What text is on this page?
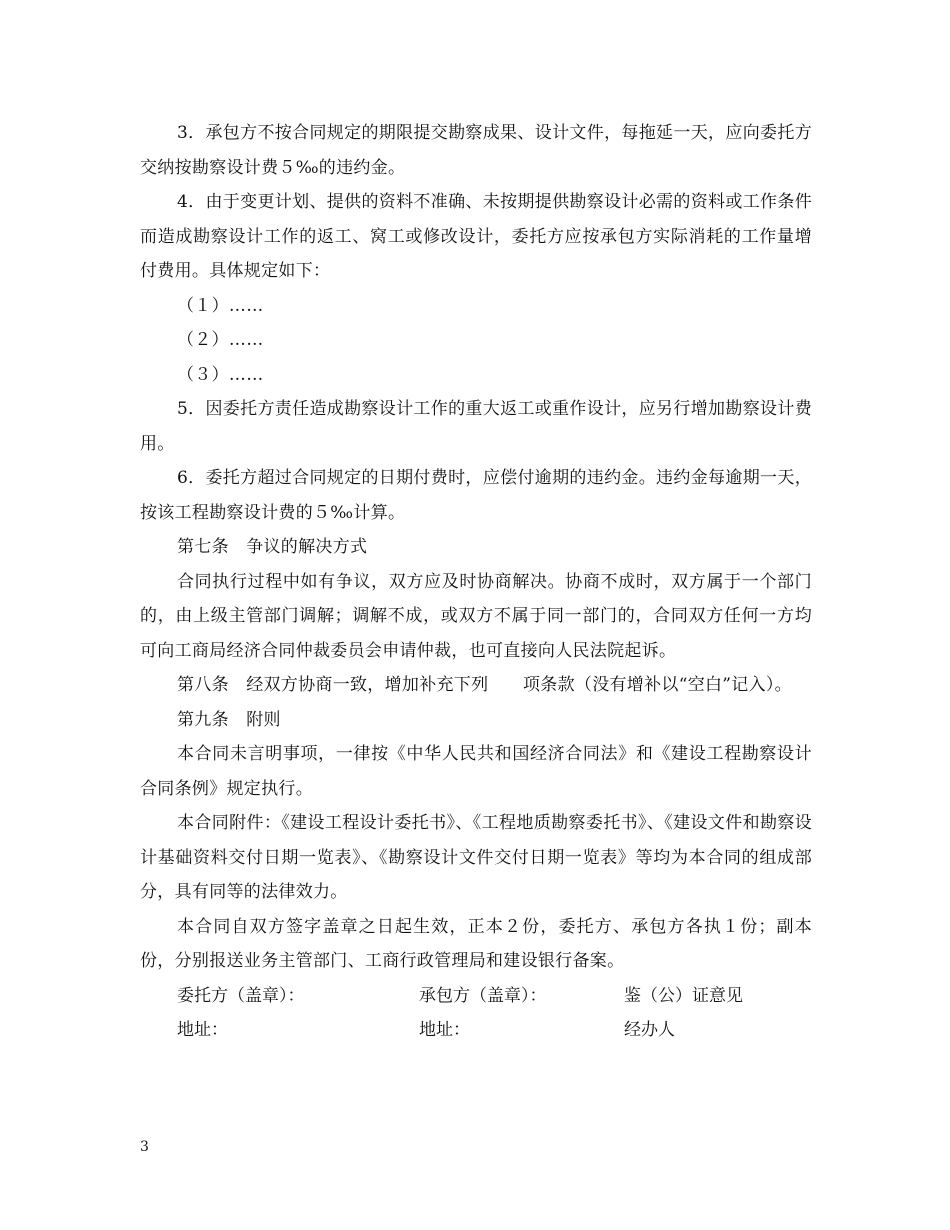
3．承包方不按合同规定的期限提交勘察成果、设计文件，每拖延一天，应向委托方交纳按勘察设计费５‰的违约金。

4．由于变更计划、提供的资料不准确、未按期提供勘察设计必需的资料或工作条件而造成勘察设计工作的返工、窝工或修改设计，委托方应按承包方实际消耗的工作量增付费用。具体规定如下：

（１）……

（２）……

（３）……

5．因委托方责任造成勘察设计工作的重大返工或重作设计，应另行增加勘察设计费用。

6．委托方超过合同规定的日期付费时，应偿付逾期的违约金。违约金每逾期一天，按该工程勘察设计费的５‰计算。

第七条　争议的解决方式

合同执行过程中如有争议，双方应及时协商解决。协商不成时，双方属于一个部门的，由上级主管部门调解；调解不成，或双方不属于同一部门的，合同双方任何一方均可向工商局经济合同仲裁委员会申请仲裁，也可直接向人民法院起诉。

第八条　经双方协商一致，增加补充下列　　项条款（没有增补以“空白”记入）。

第九条　附则

本合同未言明事项，一律按《中华人民共和国经济合同法》和《建设工程勘察设计合同条例》规定执行。

本合同附件：《建设工程设计委托书》、《工程地质勘察委托书》、《建设文件和勘察设计基础资料交付日期一览表》、《勘察设计文件交付日期一览表》等均为本合同的组成部分，具有同等的法律效力。

本合同自双方签字盖章之日起生效，正本２份，委托方、承包方各执１份；副本　份，分别报送业务主管部门、工商行政管理局和建设银行备案。

委托方（盖章）：	承包方（盖章）：	鉴（公）证意见
地址：	地址：	经办人
3
